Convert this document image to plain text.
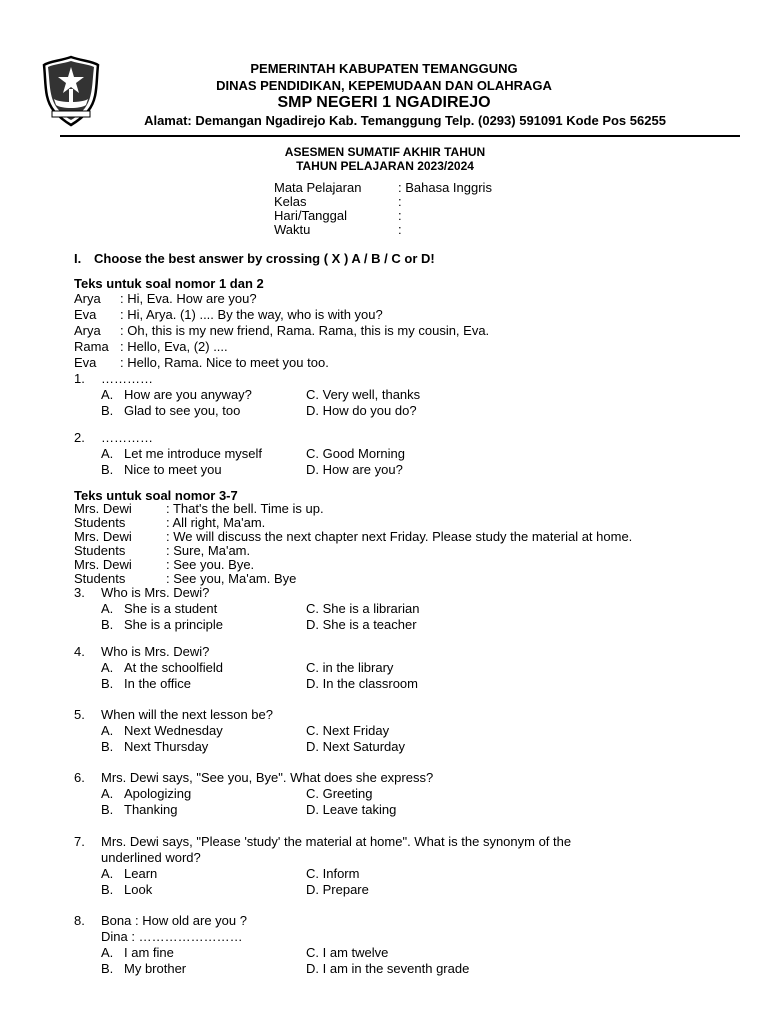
PEMERINTAH KABUPATEN TEMANGGUNG
DINAS PENDIDIKAN, KEPEMUDAAN DAN OLAHRAGA
SMP NEGERI 1 NGADIREJO
Alamat: Demangan Ngadirejo Kab. Temanggung Telp. (0293) 591091 Kode Pos 56255
ASESMEN SUMATIF AKHIR TAHUN
TAHUN PELAJARAN 2023/2024
Mata Pelajaran	: Bahasa Inggris
Kelas	:
Hari/Tanggal	:
Waktu	:
I. Choose the best answer by crossing ( X ) A / B / C or D!
Teks untuk soal nomor 1 dan 2
Arya : Hi, Eva. How are you?
Eva : Hi, Arya. (1) .... By the way, who is with you?
Arya : Oh, this is my new friend, Rama. Rama, this is my cousin, Eva.
Rama : Hello, Eva, (2) ....
Eva : Hello, Rama. Nice to meet you too.
1. …………
A. How are you anyway?	C. Very well, thanks
B. Glad to see you, too	D. How do you do?
2. …………
A. Let me introduce myself	C. Good Morning
B. Nice to meet you	D. How are you?
Teks untuk soal nomor 3-7
Mrs. Dewi	: That's the bell. Time is up.
Students	: All right, Ma'am.
Mrs. Dewi	: We will discuss the next chapter next Friday. Please study the material at home.
Students	: Sure, Ma'am.
Mrs. Dewi	: See you. Bye.
Students	: See you, Ma'am. Bye
3. Who is Mrs. Dewi?
A. She is a student	C. She is a librarian
B. She is a principle	D. She is a teacher
4. Who is Mrs. Dewi?
A. At the schoolfield	C. in the library
B. In the office	D. In the classroom
5. When will the next lesson be?
A. Next Wednesday	C. Next Friday
B. Next Thursday	D. Next Saturday
6. Mrs. Dewi says, "See you, Bye". What does she express?
A. Apologizing	C. Greeting
B. Thanking	D. Leave taking
7. Mrs. Dewi says, "Please 'study' the material at home". What is the synonym of the
underlined word?
A. Learn	C. Inform
B. Look	D. Prepare
8. Bona : How old are you ?
Dina : ……………………
A. I am fine	C. I am twelve
B. My brother	D. I am in the seventh grade
